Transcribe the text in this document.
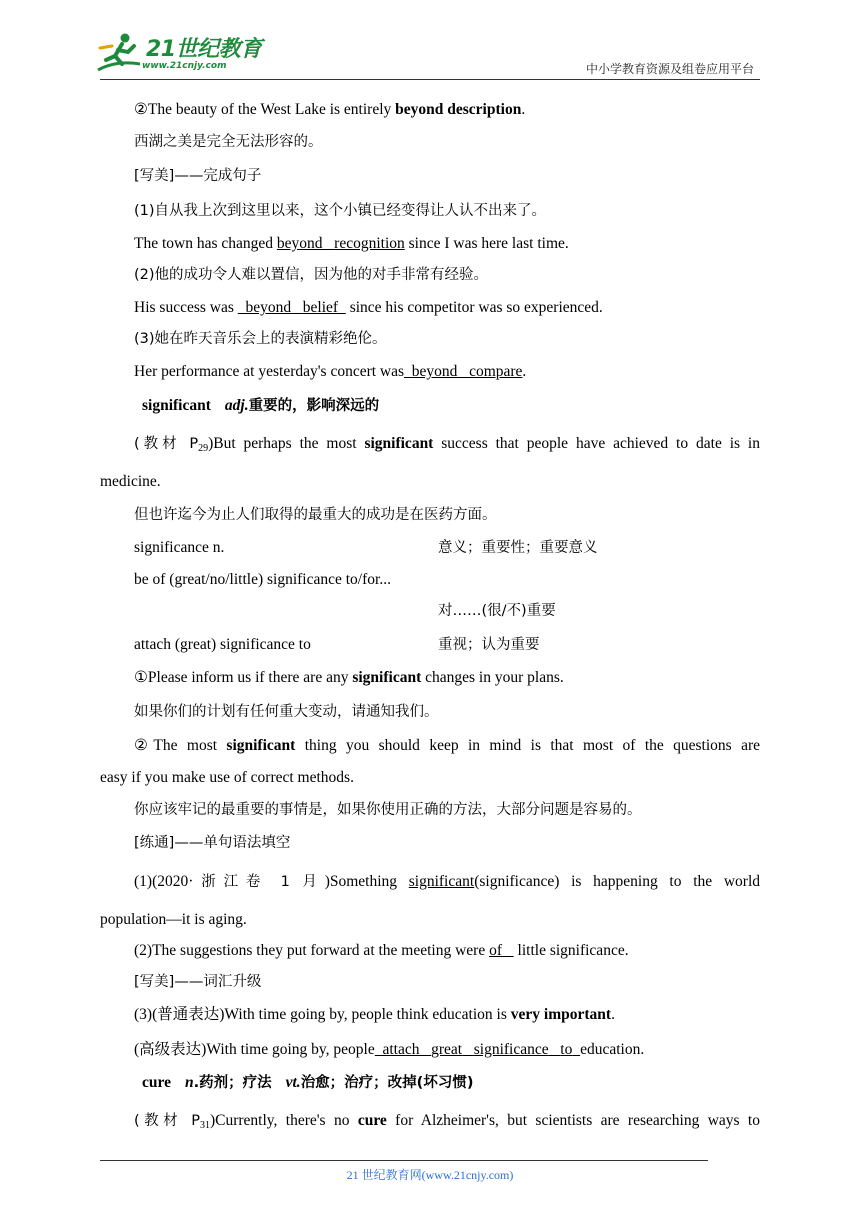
21世纪教育
www.21cnjy.com	中小学教育资源及组卷应用平台
②The beauty of the West Lake is entirely beyond description.
西湖之美是完全无法形容的。
[写美]——完成句子
(1)自从我上次到这里以来，这个小镇已经变得让人认不出来了。
The town has changed beyond recognition since I was here last time.
(2)他的成功令人难以置信，因为他的对手非常有经验。
His success was   beyond belief   since his competitor was so experienced.
(3)她在昨天音乐会上的表演精彩绝伦。
Her performance at yesterday's concert was beyond compare.
significant adj.重要的，影响深远的
(教材 $P_{29})But$ perhaps the most significant success that people have achieved to date is in
medicine.
但也许迄今为止人们取得的最重大的成功是在医药方面。
significance n.	意义；重要性；重要意义
be of (great/no/little) significance to/for...
对……(很/不)重要
attach (great) significance to	重视；认为重要
①Please inform us if there are any significant changes in your plans.
如果你们的计划有任何重大变动，请通知我们。
②The most significant thing you should keep in mind is that most of the questions are
easy if you make use of correct methods.
你应该牢记的最重要的事情是，如果你使用正确的方法，大部分问题是容易的。
[练通]——单句语法填空
(1)(2020·浙江卷 1 月)Something significant(significance) is happening to the world
population—it is aging.
(2)The suggestions they put forward at the meeting were of    little significance.
[写美]——词汇升级
(3)(普通表达)With time going by, people think education is very important.
(高级表达)With time going by, people attach great significance to education.
cure n.药剂；疗法 vt.治愈；治疗；改掉(坏习惯)
(教材 $P_{31})Currently$, there's no cure for Alzheimer's, but scientists are researching ways to
21 世纪教育网(www.21cnjy.com)
